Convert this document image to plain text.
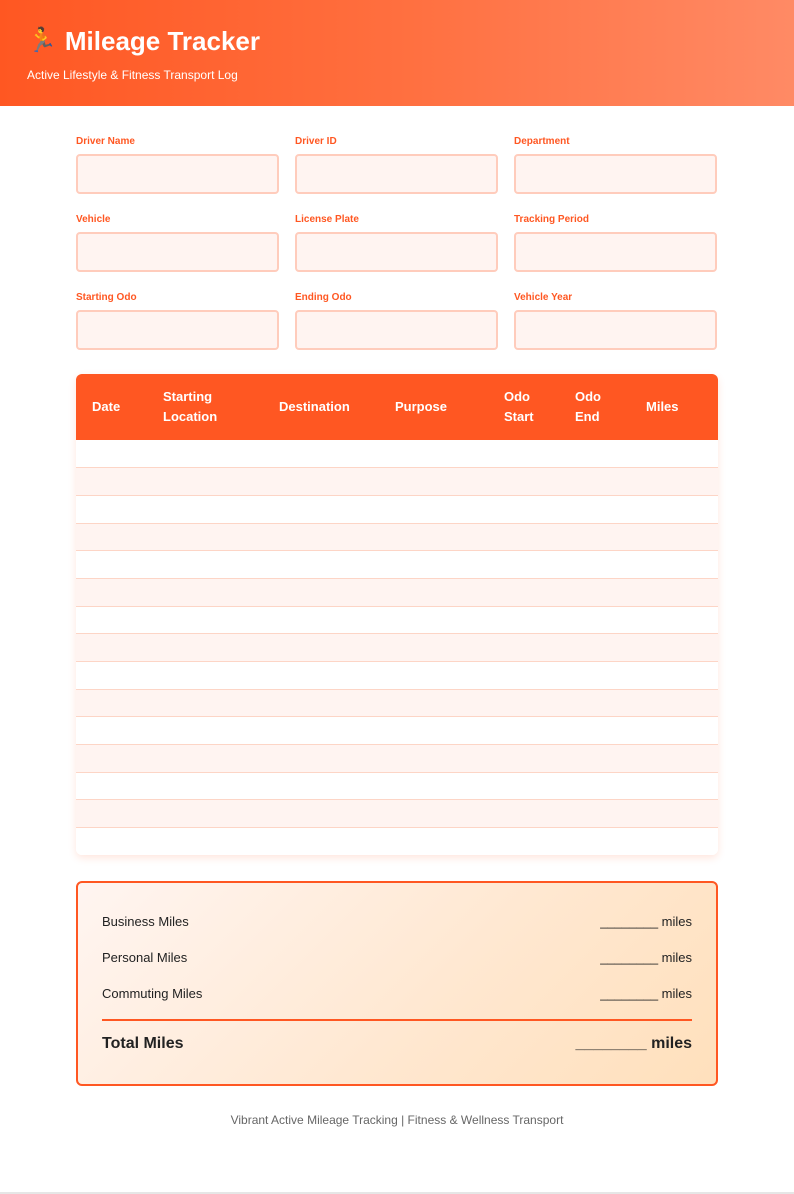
🏃 Mileage Tracker
Active Lifestyle & Fitness Transport Log
Driver Name	Driver ID	Department
Vehicle	License Plate	Tracking Period
Starting Odo	Ending Odo	Vehicle Year
Date	Starting Location	Destination	Purpose	Odo Start	Odo End	Miles

Business Miles	________ miles
Personal Miles	________ miles
Commuting Miles	________ miles
Total Miles	________ miles
Vibrant Active Mileage Tracking | Fitness & Wellness Transport
